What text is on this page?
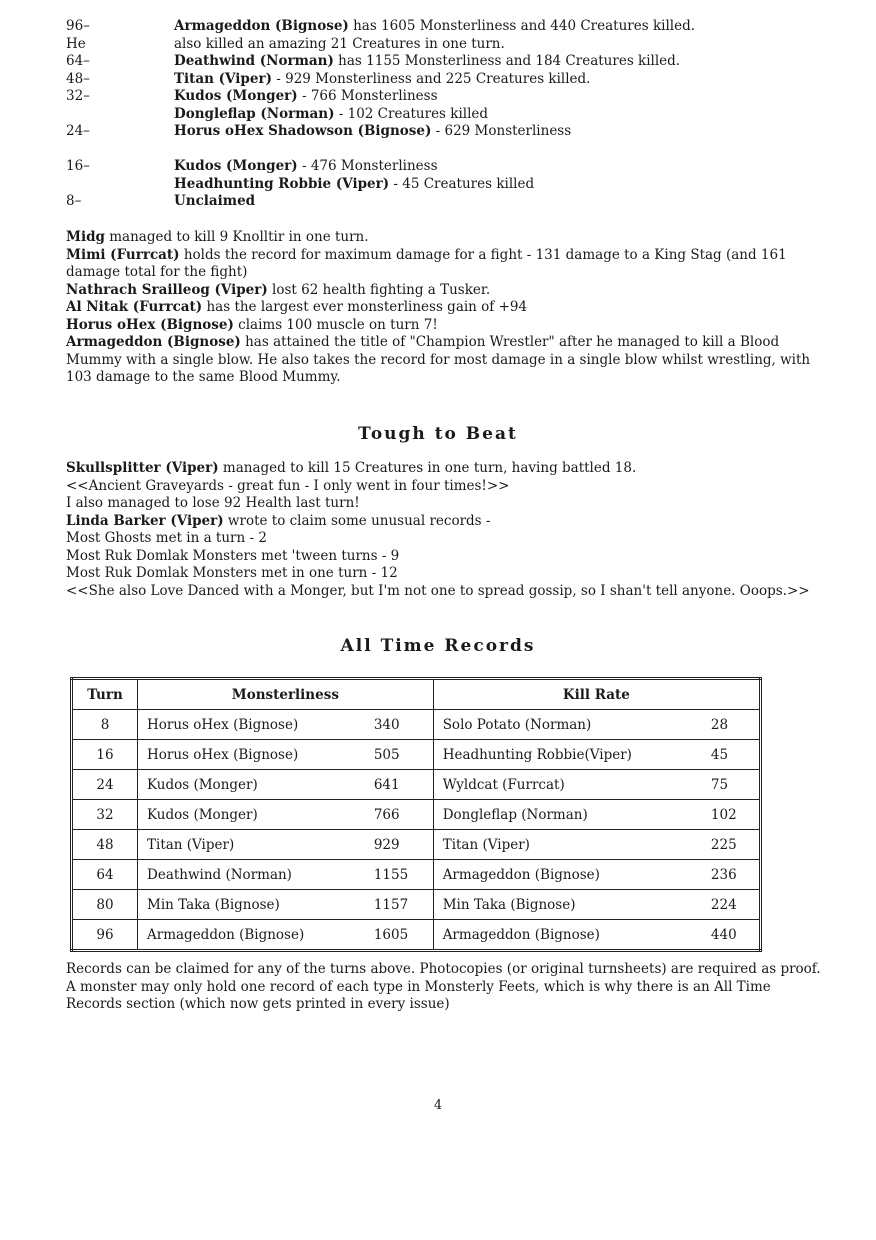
96–	Armageddon (Bignose) has 1605 Monsterliness and 440 Creatures killed.
He	also killed an amazing 21 Creatures in one turn.
64–	Deathwind (Norman) has 1155 Monsterliness and 184 Creatures killed.
48–	Titan (Viper) - 929 Monsterliness and 225 Creatures killed.
32–	Kudos (Monger) - 766 Monsterliness
Dongleflap (Norman) - 102 Creatures killed
24–	Horus oHex Shadowson (Bignose) - 629 Monsterliness
16–	Kudos (Monger) - 476 Monsterliness
Headhunting Robbie (Viper) - 45 Creatures killed
8–	Unclaimed

Midg managed to kill 9 Knolltir in one turn.

Mimi (Furrcat) holds the record for maximum damage for a fight - 131 damage to a King Stag (and 161 damage total for the fight)

Nathrach Srailleog (Viper) lost 62 health fighting a Tusker.

Al Nitak (Furrcat) has the largest ever monsterliness gain of +94

Horus oHex (Bignose) claims 100 muscle on turn 7!

Armageddon (Bignose) has attained the title of "Champion Wrestler" after he managed to kill a Blood Mummy with a single blow. He also takes the record for most damage in a single blow whilst wrestling, with 103 damage to the same Blood Mummy.

Tough to Beat

Skullsplitter (Viper) managed to kill 15 Creatures in one turn, having battled 18.

<<Ancient Graveyards - great fun - I only went in four times!>>

I also managed to lose 92 Health last turn!

Linda Barker (Viper) wrote to claim some unusual records -

Most Ghosts met in a turn - 2

Most Ruk Domlak Monsters met 'tween turns - 9

Most Ruk Domlak Monsters met in one turn - 12

<<She also Love Danced with a Monger, but I'm not one to spread gossip, so I shan't tell anyone. Ooops.>>

All Time Records
Turn	Monsterliness		Kill Rate	
8	Horus oHex (Bignose)	340	Solo Potato (Norman)	28
16	Horus oHex (Bignose)	505	Headhunting Robbie(Viper)	45
24	Kudos (Monger)	641	Wyldcat (Furrcat)	75
32	Kudos (Monger)	766	Dongleflap (Norman)	102
48	Titan (Viper)	929	Titan (Viper)	225
64	Deathwind (Norman)	1155	Armageddon (Bignose)	236
80	Min Taka (Bignose)	1157	Min Taka (Bignose)	224
96	Armageddon (Bignose)	1605	Armageddon (Bignose)	440

Records can be claimed for any of the turns above. Photocopies (or original turnsheets) are required as proof. A monster may only hold one record of each type in Monsterly Feets, which is why there is an All Time Records section (which now gets printed in every issue)

4
